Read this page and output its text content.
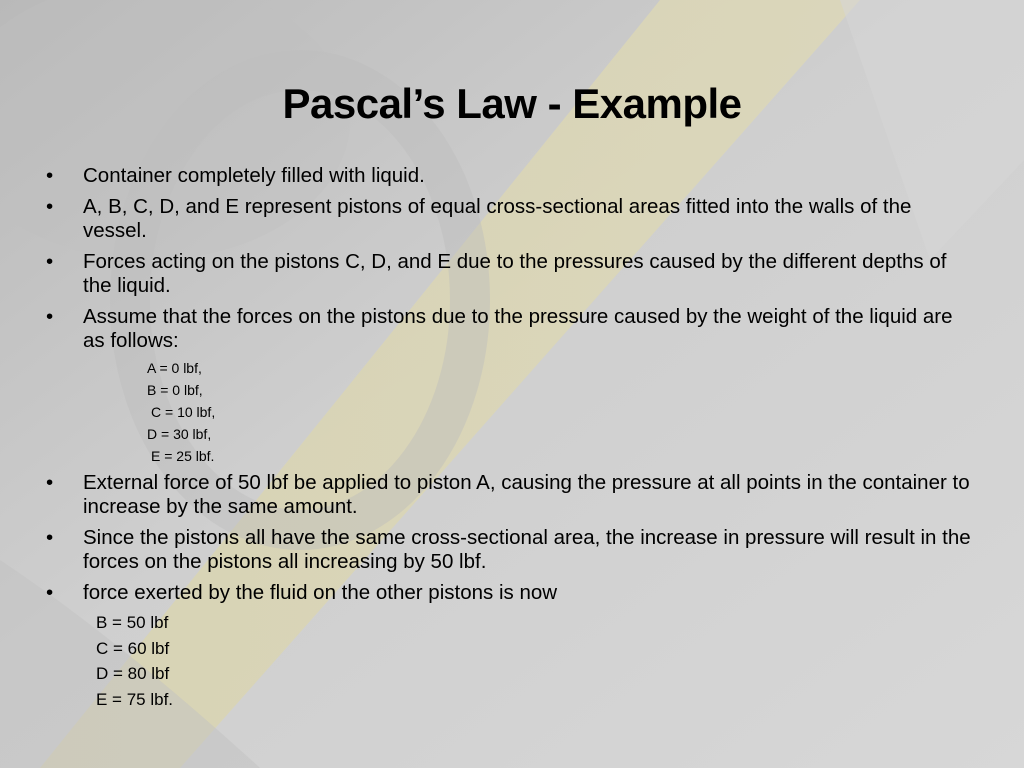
Pascal’s Law - Example
• Container completely filled with liquid.
• A, B, C, D, and E represent pistons of equal cross-sectional areas fitted into the walls of the vessel.
• Forces acting on the pistons C, D, and E due to the pressures caused by the different depths of the liquid.
• Assume that the forces on the pistons due to the pressure caused by the weight of the liquid are as follows:
A = 0 lbf,
B = 0 lbf,
C = 10 lbf,
D = 30 lbf,
E = 25 lbf.
• External force of 50 lbf be applied to piston A, causing the pressure at all points in the container to increase by the same amount.
• Since the pistons all have the same cross-sectional area, the increase in pressure will result in the forces on the pistons all increasing by 50 lbf.
• force exerted by the fluid on the other pistons is now
B = 50 lbf
C = 60 lbf
D = 80 lbf
E = 75 lbf.
